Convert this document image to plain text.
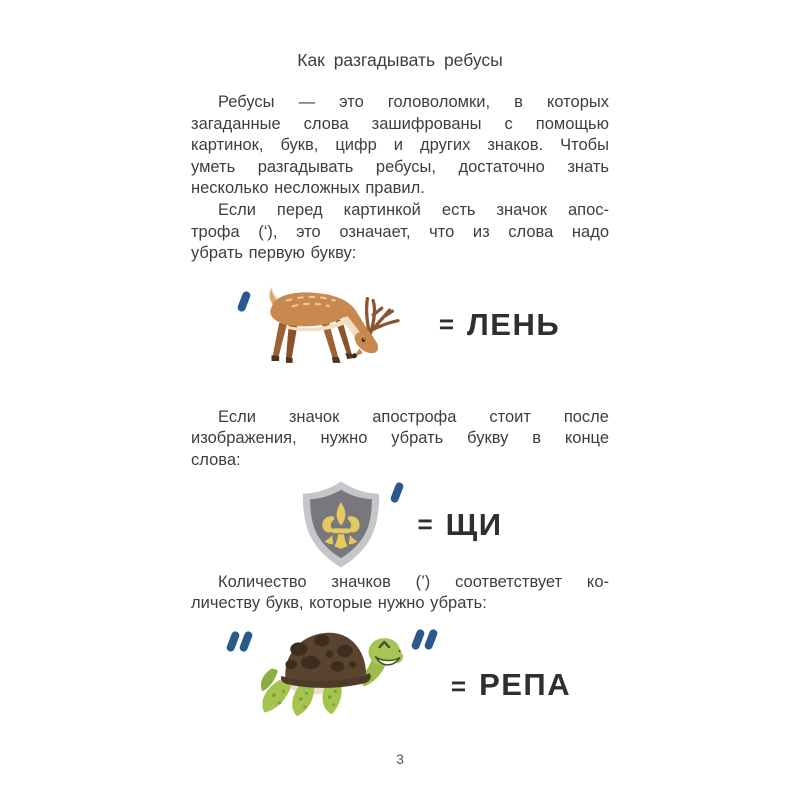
Как разгадывать ребусы
Ребусы — это головоломки, в которых
загаданные слова зашифрованы с помощью
картинок, букв, цифр и других знаков. Чтобы
уметь разгадывать ребусы, достаточно знать
несколько несложных правил.
Если перед картинкой есть значок апос-
трофа (‘), это означает, что из слова надо
убрать первую букву:
= ЛЕНЬ
Если значок апострофа стоит после
изображения, нужно убрать букву в конце
слова:
= ЩИ
Количество значков (’) соответствует ко-
личеству букв, которые нужно убрать:
= РЕПА
3
